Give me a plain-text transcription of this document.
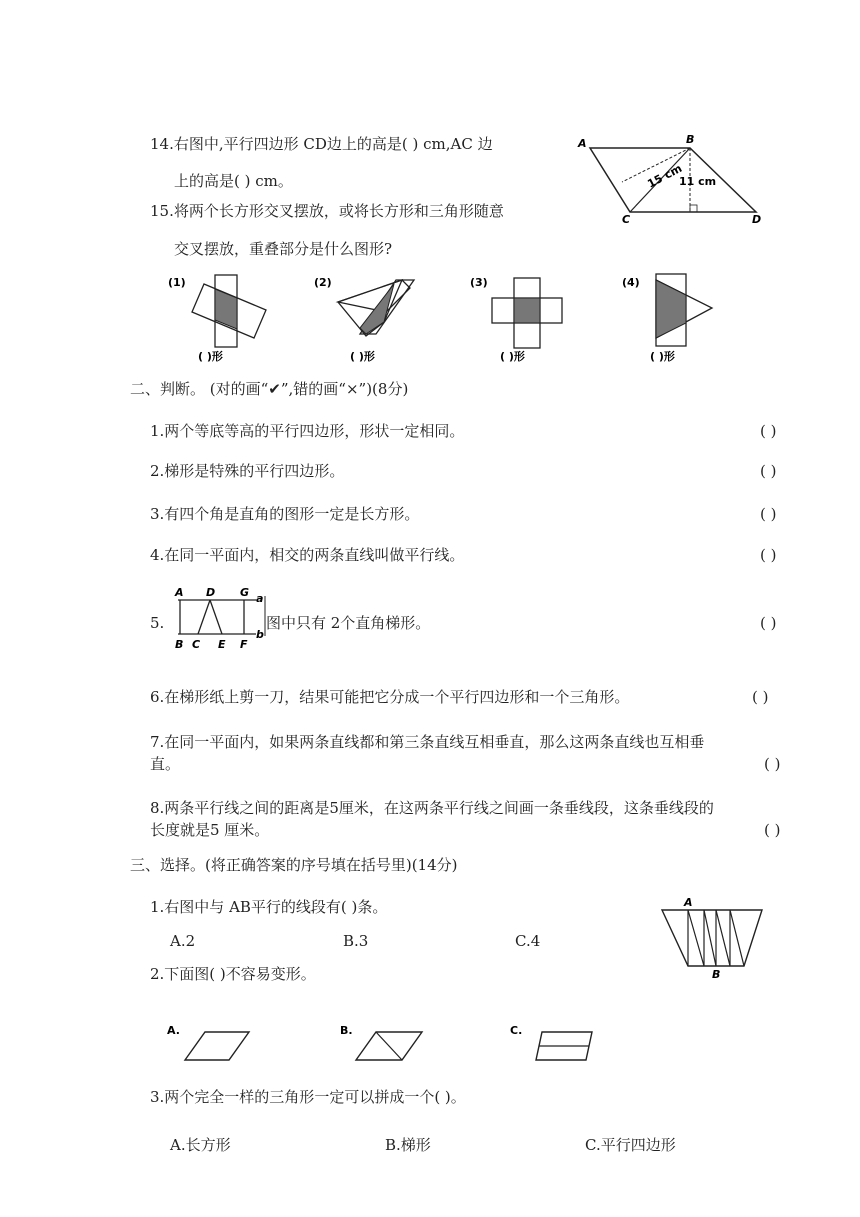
14.右图中,平行四边形 CD边上的高是( ) cm,AC 边
上的高是( ) cm。
A	B
C	D
15 cm
11 cm
15.将两个长方形交叉摆放，或将长方形和三角形随意
交叉摆放，重叠部分是什么图形?
(1)
( )形
(2)
( )形
(3)
( )形
(4)
( )形
二、判断。 (对的画“✔”,错的画“×”)(8分)
1.两个等底等高的平行四边形，形状一定相同。	( )
2.梯形是特殊的平行四边形。	( )
3.有四个角是直角的图形一定是长方形。	( )
4.在同一平面内，相交的两条直线叫做平行线。	( )
5.
A D G
B C E F
a
b
图中只有 2个直角梯形。	( )
6.在梯形纸上剪一刀，结果可能把它分成一个平行四边形和一个三角形。	( )
7.在同一平面内，如果两条直线都和第三条直线互相垂直，那么这两条直线也互相垂
直。	( )
8.两条平行线之间的距离是5厘米，在这两条平行线之间画一条垂线段，这条垂线段的
长度就是5 厘米。	( )
三、选择。(将正确答案的序号填在括号里)(14分)
1.右图中与 AB平行的线段有( )条。
A.2	B.3	C.4
A
B
2.下面图( )不容易变形。
A.	B.	C.
3.两个完全一样的三角形一定可以拼成一个( )。
A.长方形	B.梯形	C.平行四边形
